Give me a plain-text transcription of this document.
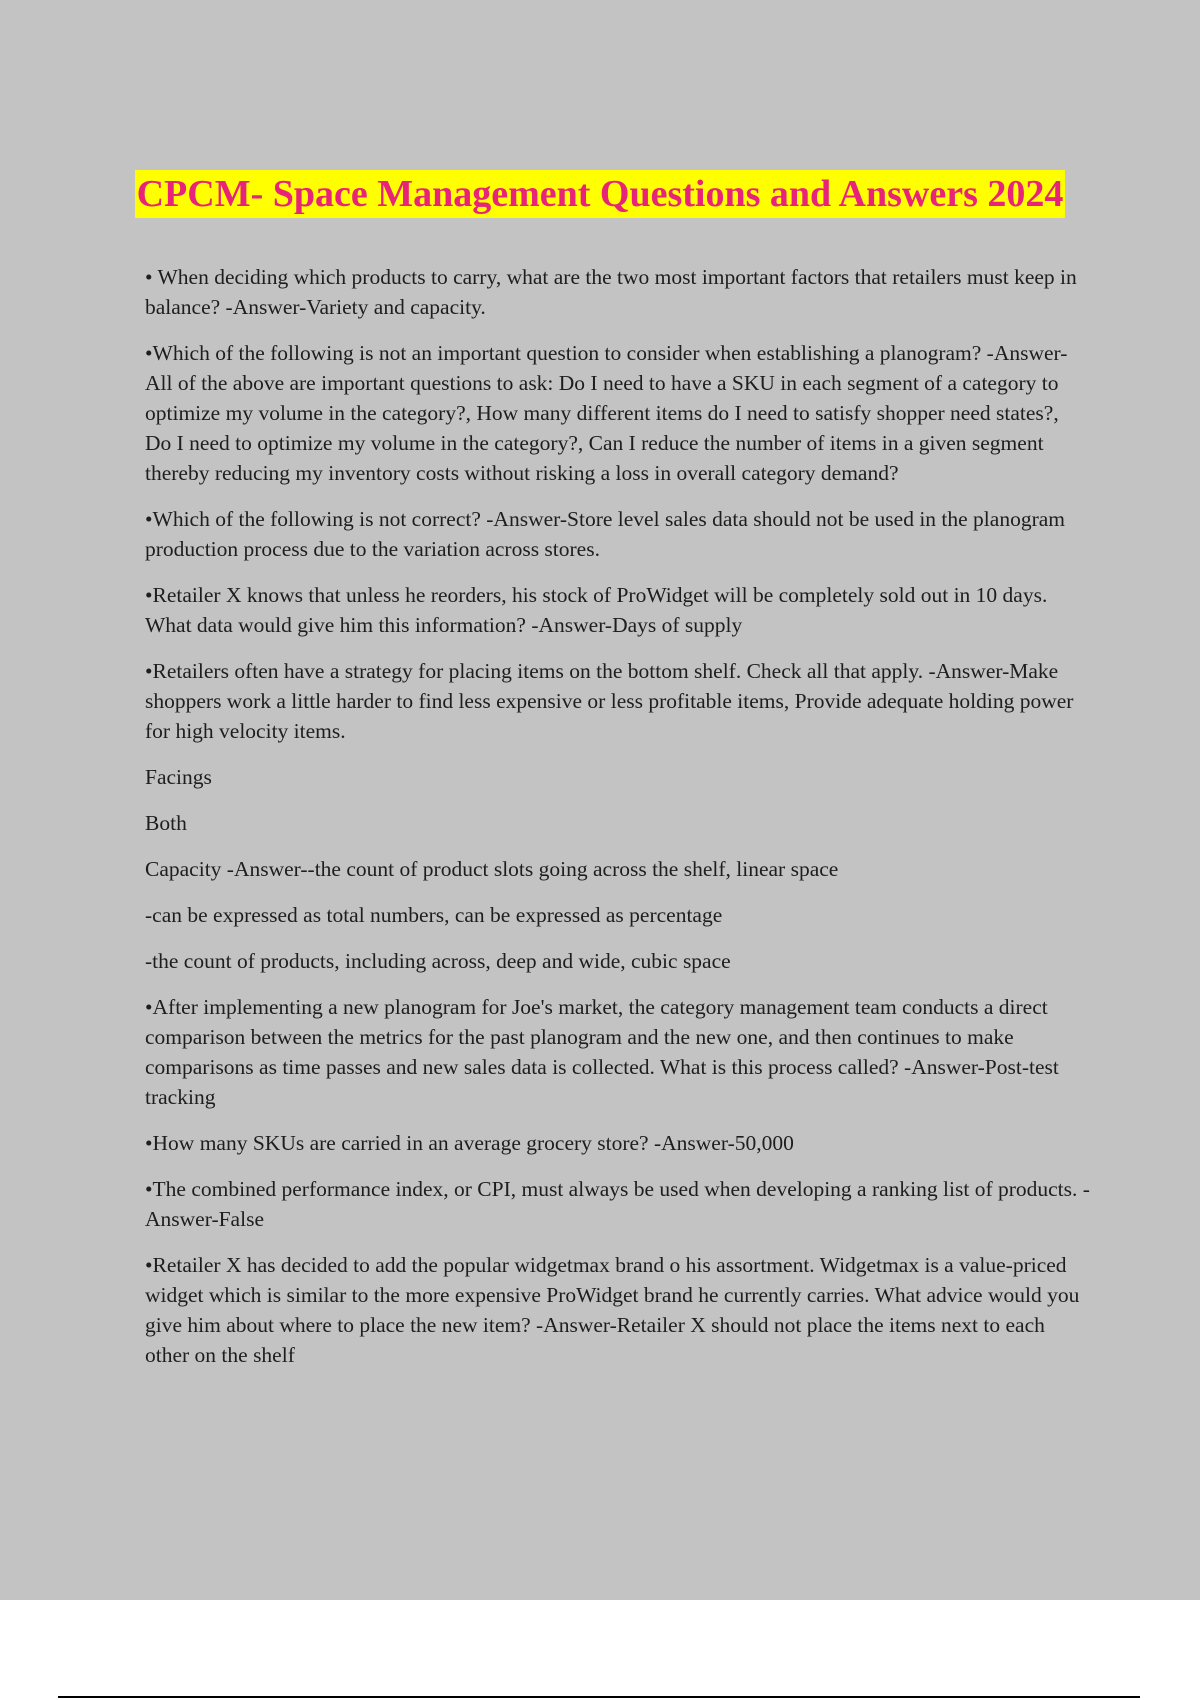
CPCM- Space Management Questions and Answers 2024

• When deciding which products to carry, what are the two most important factors that retailers must keep in balance? -Answer-Variety and capacity.

•Which of the following is not an important question to consider when establishing a planogram? -Answer-All of the above are important questions to ask: Do I need to have a SKU in each segment of a category to optimize my volume in the category?, How many different items do I need to satisfy shopper need states?, Do I need to optimize my volume in the category?, Can I reduce the number of items in a given segment thereby reducing my inventory costs without risking a loss in overall category demand?

•Which of the following is not correct? -Answer-Store level sales data should not be used in the planogram production process due to the variation across stores.

•Retailer X knows that unless he reorders, his stock of ProWidget will be completely sold out in 10 days. What data would give him this information? -Answer-Days of supply

•Retailers often have a strategy for placing items on the bottom shelf. Check all that apply. -Answer-Make shoppers work a little harder to find less expensive or less profitable items, Provide adequate holding power for high velocity items.

Facings

Both

Capacity -Answer--the count of product slots going across the shelf, linear space

-can be expressed as total numbers, can be expressed as percentage

-the count of products, including across, deep and wide, cubic space

•After implementing a new planogram for Joe's market, the category management team conducts a direct comparison between the metrics for the past planogram and the new one, and then continues to make comparisons as time passes and new sales data is collected. What is this process called? -Answer-Post-test tracking

•How many SKUs are carried in an average grocery store? -Answer-50,000

•The combined performance index, or CPI, must always be used when developing a ranking list of products. -Answer-False

•Retailer X has decided to add the popular widgetmax brand o his assortment. Widgetmax is a value-priced widget which is similar to the more expensive ProWidget brand he currently carries. What advice would you give him about where to place the new item? -Answer-Retailer X should not place the items next to each other on the shelf
